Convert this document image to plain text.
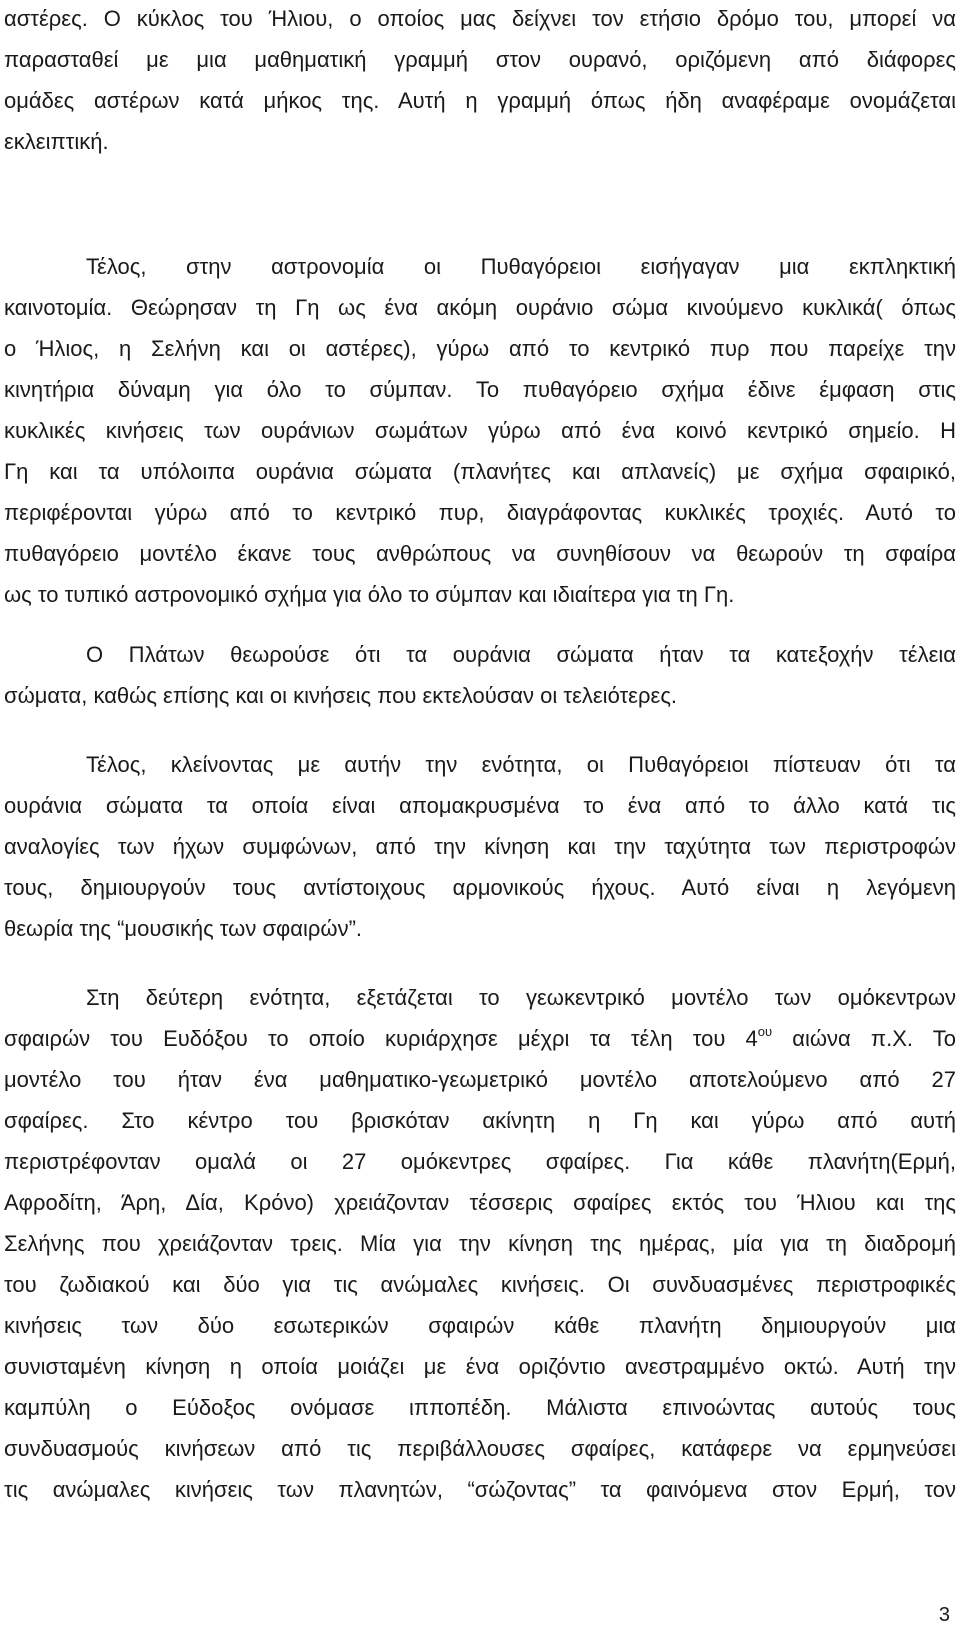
αστέρες. Ο κύκλος του Ήλιου, ο οποίος μας δείχνει τον ετήσιο δρόμο του, μπορεί να
παρασταθεί με μια μαθηματική γραμμή στον ουρανό, οριζόμενη από διάφορες
ομάδες αστέρων κατά μήκος της. Αυτή η γραμμή όπως ήδη αναφέραμε ονομάζεται
εκλειπτική.
Τέλος, στην αστρονομία οι Πυθαγόρειοι εισήγαγαν μια εκπληκτική
καινοτομία. Θεώρησαν τη Γη ως ένα ακόμη ουράνιο σώμα κινούμενο κυκλικά( όπως
ο Ήλιος, η Σελήνη και οι αστέρες), γύρω από το κεντρικό πυρ που παρείχε την
κινητήρια δύναμη για όλο το σύμπαν. Το πυθαγόρειο σχήμα έδινε έμφαση στις
κυκλικές κινήσεις των ουράνιων σωμάτων γύρω από ένα κοινό κεντρικό σημείο. Η
Γη και τα υπόλοιπα ουράνια σώματα (πλανήτες και απλανείς) με σχήμα σφαιρικό,
περιφέρονται γύρω από το κεντρικό πυρ, διαγράφοντας κυκλικές τροχιές. Αυτό το
πυθαγόρειο μοντέλο έκανε τους ανθρώπους να συνηθίσουν να θεωρούν τη σφαίρα
ως το τυπικό αστρονομικό σχήμα για όλο το σύμπαν και ιδιαίτερα για τη Γη.
Ο Πλάτων θεωρούσε ότι τα ουράνια σώματα ήταν τα κατεξοχήν τέλεια
σώματα, καθώς επίσης και οι κινήσεις που εκτελούσαν οι τελειότερες.
Τέλος, κλείνοντας με αυτήν την ενότητα, οι Πυθαγόρειοι πίστευαν ότι τα
ουράνια σώματα τα οποία είναι απομακρυσμένα το ένα από το άλλο κατά τις
αναλογίες των ήχων συμφώνων, από την κίνηση και την ταχύτητα των περιστροφών
τους, δημιουργούν τους αντίστοιχους αρμονικούς ήχους. Αυτό είναι η λεγόμενη
θεωρία της “μουσικής των σφαιρών”.
Στη δεύτερη ενότητα, εξετάζεται το γεωκεντρικό μοντέλο των ομόκεντρων
σφαιρών του Ευδόξου το οποίο κυριάρχησε μέχρι τα τέλη του $4^{o\upsilon}$ αιώνα π.Χ. Το
μοντέλο του ήταν ένα μαθηματικο-γεωμετρικό μοντέλο αποτελούμενο από 27
σφαίρες. Στο κέντρο του βρισκόταν ακίνητη η Γη και γύρω από αυτή
περιστρέφονταν ομαλά οι 27 ομόκεντρες σφαίρες. Για κάθε πλανήτη(Ερμή,
Αφροδίτη, Άρη, Δία, Κρόνο) χρειάζονταν τέσσερις σφαίρες εκτός του Ήλιου και της
Σελήνης που χρειάζονταν τρεις. Μία για την κίνηση της ημέρας, μία για τη διαδρομή
του ζωδιακού και δύο για τις ανώμαλες κινήσεις. Οι συνδυασμένες περιστροφικές
κινήσεις των δύο εσωτερικών σφαιρών κάθε πλανήτη δημιουργούν μια
συνισταμένη κίνηση η οποία μοιάζει με ένα οριζόντιο ανεστραμμένο οκτώ. Αυτή την
καμπύλη ο Εύδοξος ονόμασε ιπποπέδη. Μάλιστα επινοώντας αυτούς τους
συνδυασμούς κινήσεων από τις περιβάλλουσες σφαίρες, κατάφερε να ερμηνεύσει
τις ανώμαλες κινήσεις των πλανητών, “σώζοντας” τα φαινόμενα στον Ερμή, τον
3
